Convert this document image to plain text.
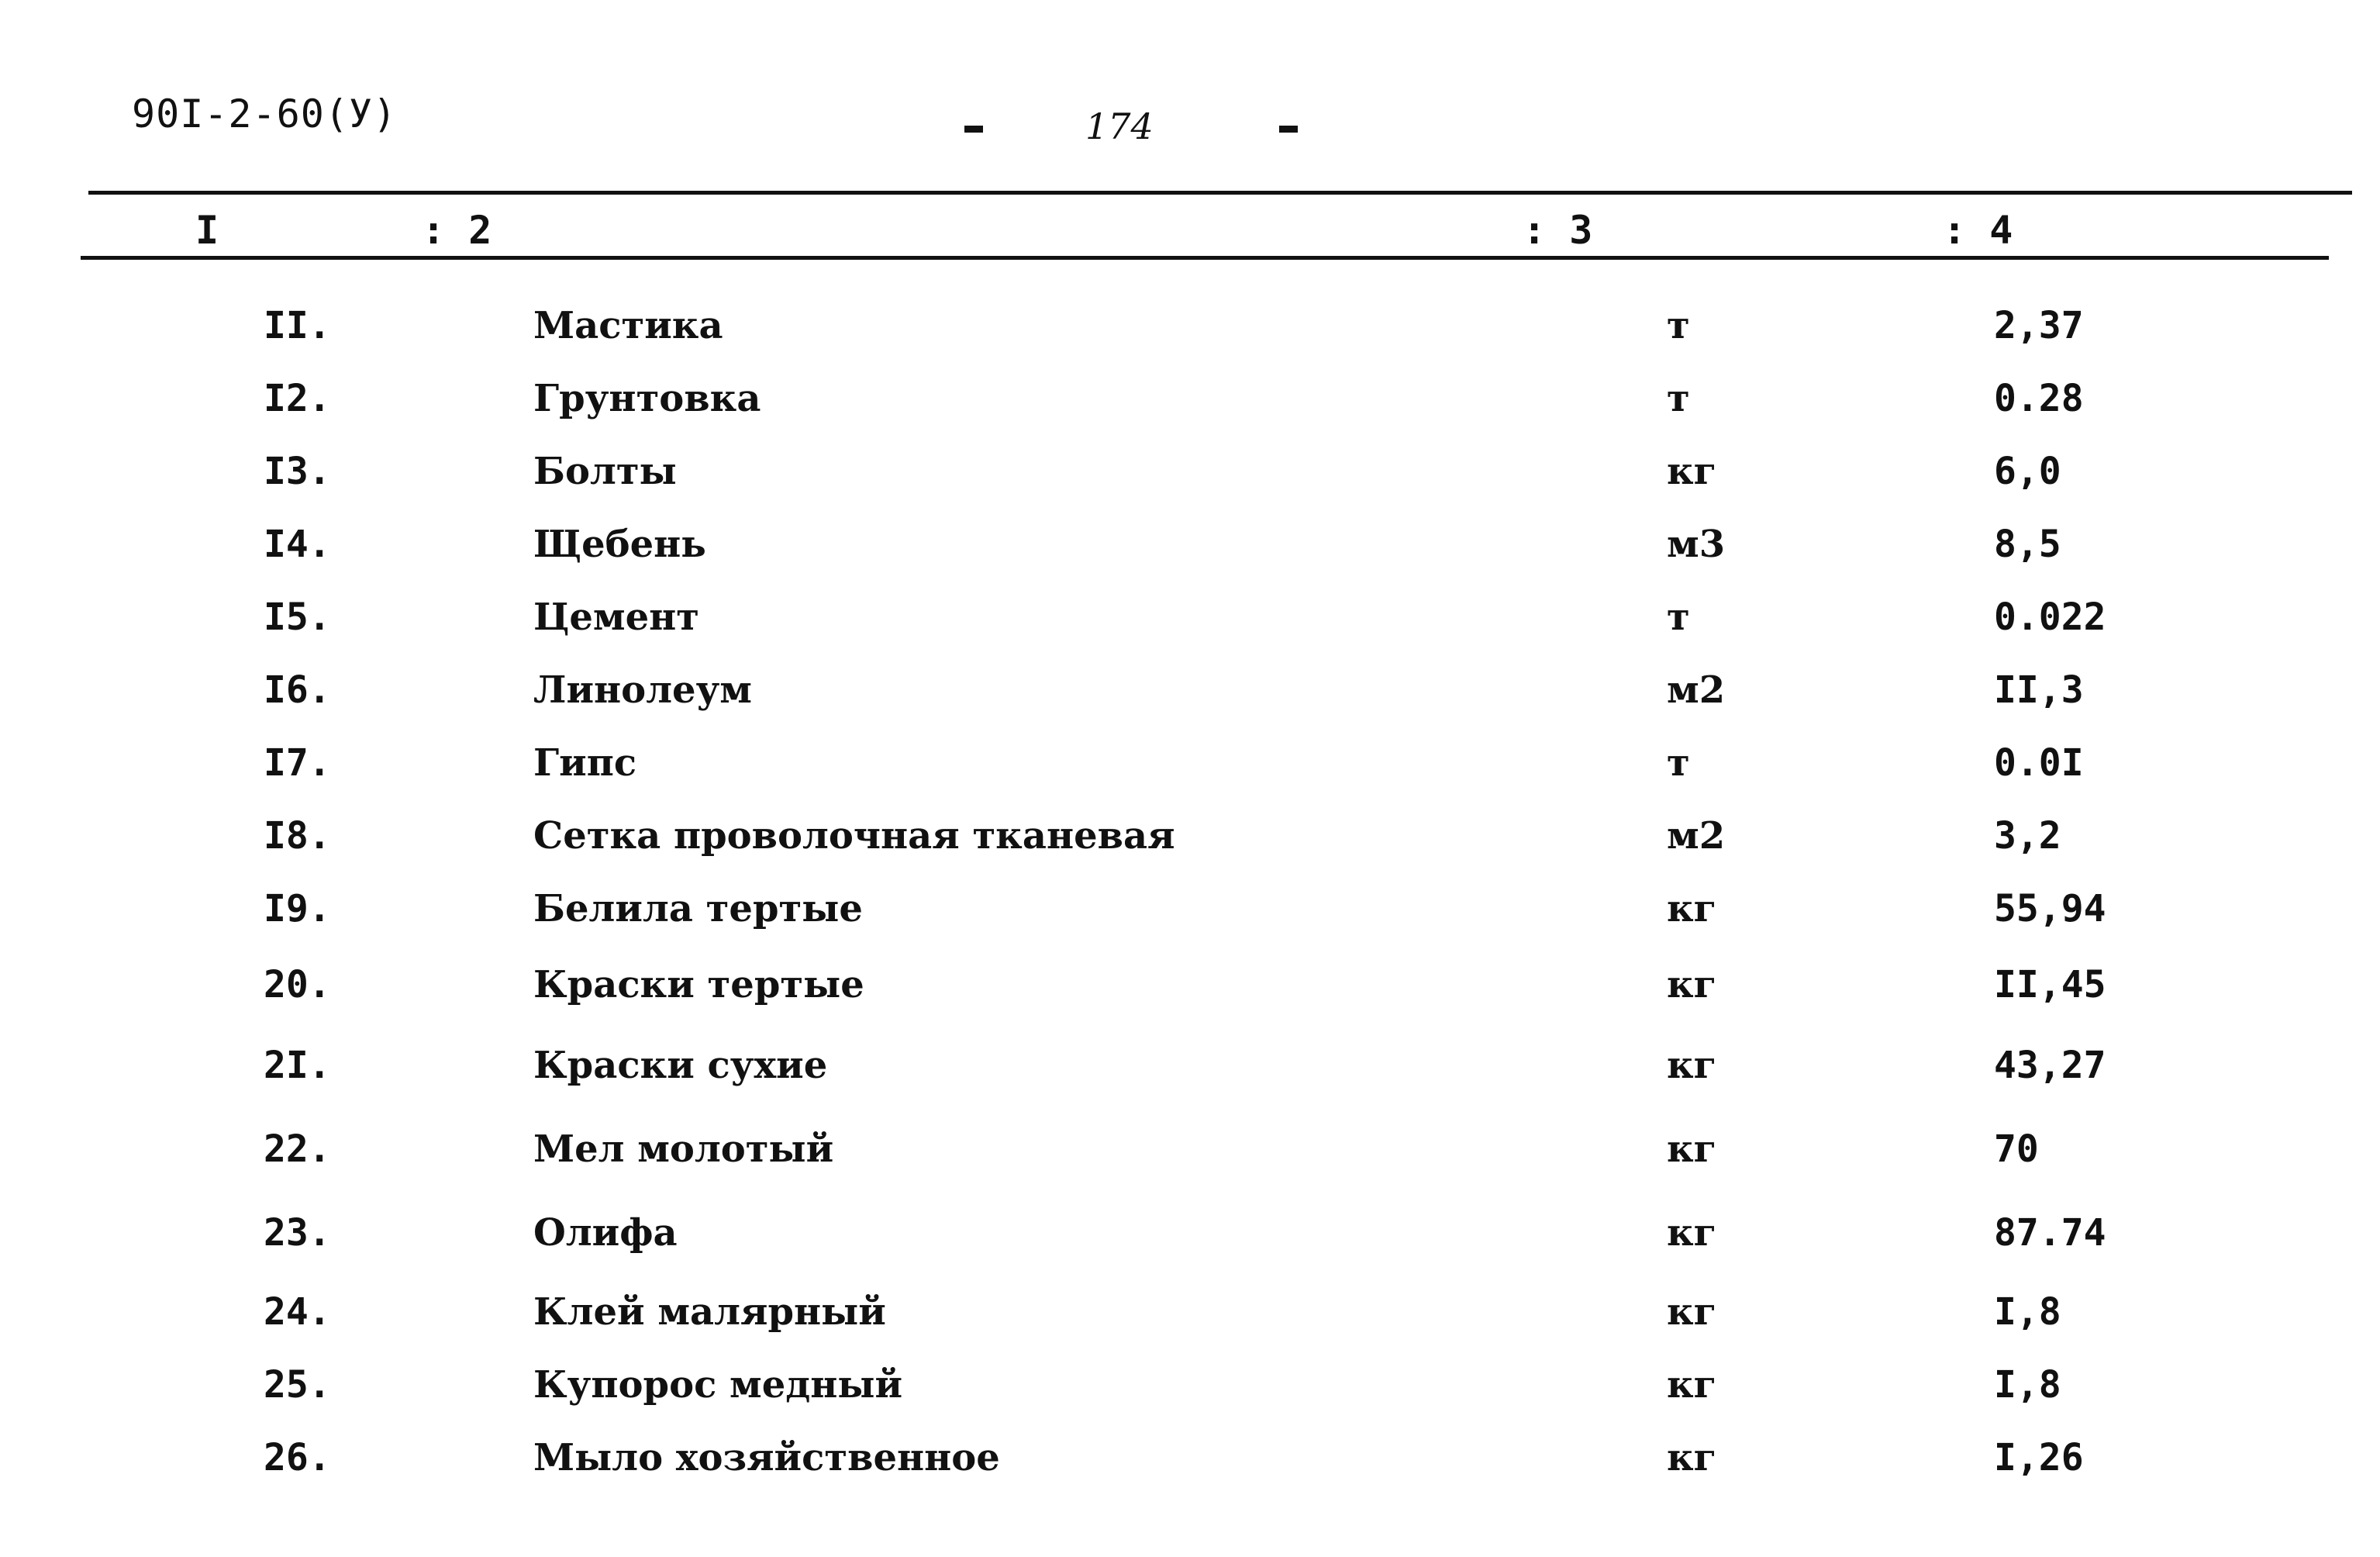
90I-2-60(У)	174
I	: 2	: 3	: 4
II.	Мастика	т	2,37
I2.	Грунтовка	т	0.28
I3.	Болты	кг	6,0
I4.	Щебень	м3	8,5
I5.	Цемент	т	0.022
I6.	Линолеум	м2	II,3
I7.	Гипс	т	0.0I
I8.	Сетка проволочная тканевая	м2	3,2
I9.	Белила тертые	кг	55,94
20.	Краски тертые	кг	II,45
2I.	Краски сухие	кг	43,27
22.	Мел молотый	кг	70
23.	Олифа	кг	87.74
24.	Клей малярный	кг	I,8
25.	Купорос медный	кг	I,8
26.	Мыло хозяйственное	кг	I,26
